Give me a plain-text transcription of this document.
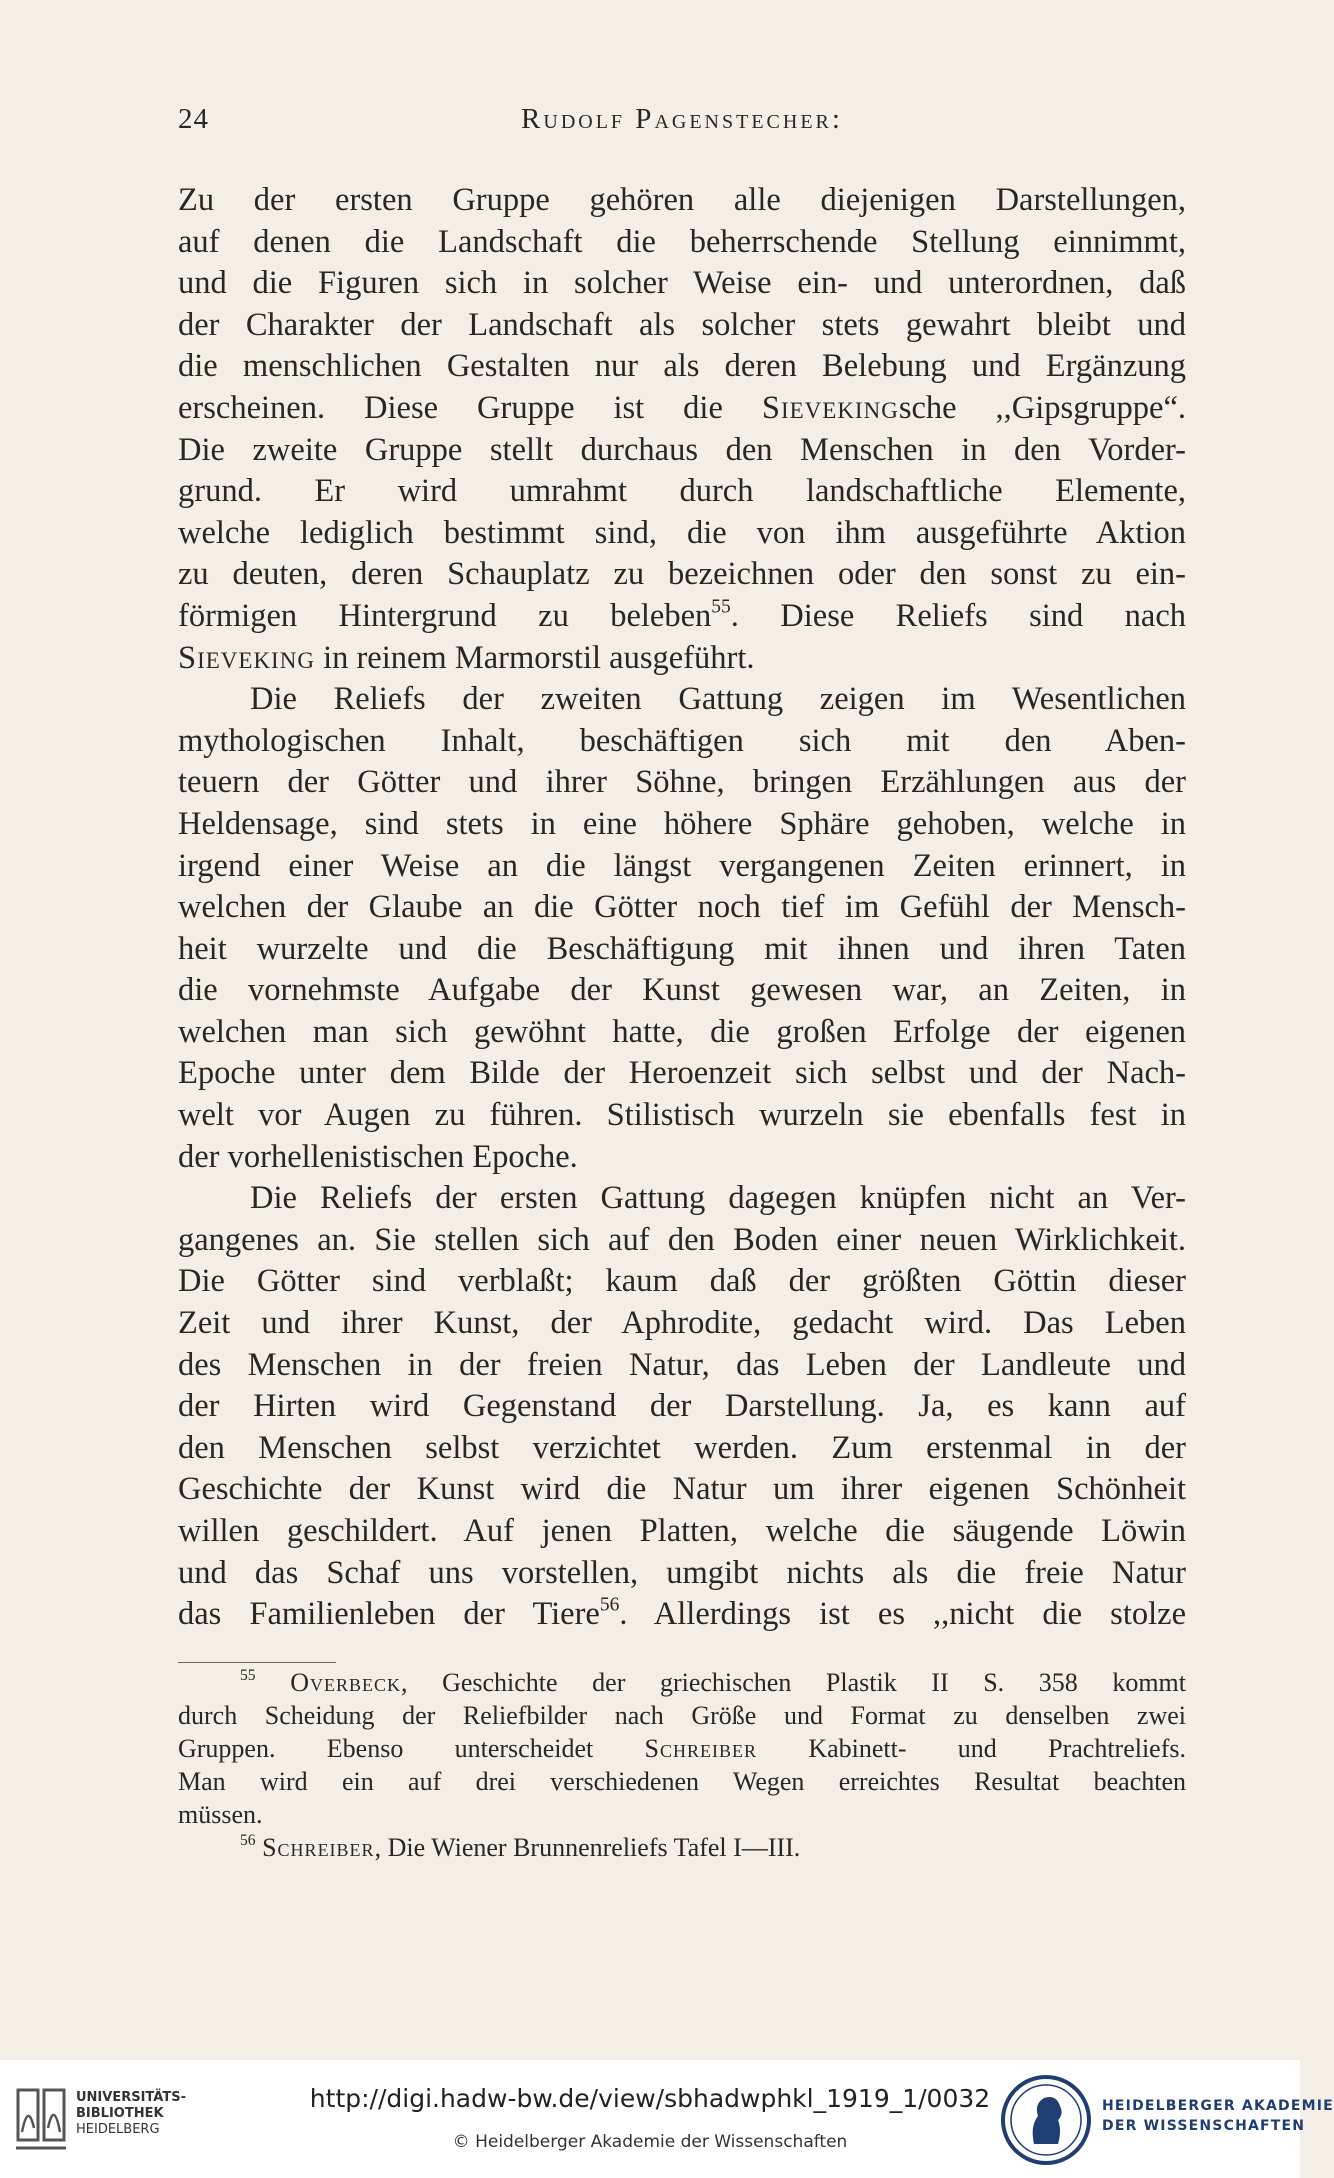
24	Rudolf Pagenstecher:
Zu der ersten Gruppe gehören alle diejenigen Darstellungen,
auf denen die Landschaft die beherrschende Stellung einnimmt,
und die Figuren sich in solcher Weise ein- und unterordnen, daß
der Charakter der Landschaft als solcher stets gewahrt bleibt und
die menschlichen Gestalten nur als deren Belebung und Ergänzung
erscheinen. Diese Gruppe ist die Sievekingsche ,,Gipsgruppe“.
Die zweite Gruppe stellt durchaus den Menschen in den Vorder-
grund. Er wird umrahmt durch landschaftliche Elemente,
welche lediglich bestimmt sind, die von ihm ausgeführte Aktion
zu deuten, deren Schauplatz zu bezeichnen oder den sonst zu ein-
förmigen Hintergrund zu beleben$^{55}$. Diese Reliefs sind nach
Sieveking in reinem Marmorstil ausgeführt.
Die Reliefs der zweiten Gattung zeigen im Wesentlichen
mythologischen Inhalt, beschäftigen sich mit den Aben-
teuern der Götter und ihrer Söhne, bringen Erzählungen aus der
Heldensage, sind stets in eine höhere Sphäre gehoben, welche in
irgend einer Weise an die längst vergangenen Zeiten erinnert, in
welchen der Glaube an die Götter noch tief im Gefühl der Mensch-
heit wurzelte und die Beschäftigung mit ihnen und ihren Taten
die vornehmste Aufgabe der Kunst gewesen war, an Zeiten, in
welchen man sich gewöhnt hatte, die großen Erfolge der eigenen
Epoche unter dem Bilde der Heroenzeit sich selbst und der Nach-
welt vor Augen zu führen. Stilistisch wurzeln sie ebenfalls fest in
der vorhellenistischen Epoche.
Die Reliefs der ersten Gattung dagegen knüpfen nicht an Ver-
gangenes an. Sie stellen sich auf den Boden einer neuen Wirklichkeit.
Die Götter sind verblaßt; kaum daß der größten Göttin dieser
Zeit und ihrer Kunst, der Aphrodite, gedacht wird. Das Leben
des Menschen in der freien Natur, das Leben der Landleute und
der Hirten wird Gegenstand der Darstellung. Ja, es kann auf
den Menschen selbst verzichtet werden. Zum erstenmal in der
Geschichte der Kunst wird die Natur um ihrer eigenen Schönheit
willen geschildert. Auf jenen Platten, welche die säugende Löwin
und das Schaf uns vorstellen, umgibt nichts als die freie Natur
das Familienleben der Tiere$^{56}$. Allerdings ist es ,,nicht die stolze
$^{55}$ Overbeck, Geschichte der griechischen Plastik II S. 358 kommt
durch Scheidung der Reliefbilder nach Größe und Format zu denselben zwei
Gruppen. Ebenso unterscheidet Schreiber Kabinett- und Prachtreliefs.
Man wird ein auf drei verschiedenen Wegen erreichtes Resultat beachten
müssen.
$^{56}$ Schreiber, Die Wiener Brunnenreliefs Tafel I—III.
UNIVERSITÄTS-
BIBLIOTHEK
HEIDELBERG
http://digi.hadw-bw.de/view/sbhadwphkl_1919_1/0032
© Heidelberger Akademie der Wissenschaften
HEIDELBERGER AKADEMIE
DER WISSENSCHAFTEN
